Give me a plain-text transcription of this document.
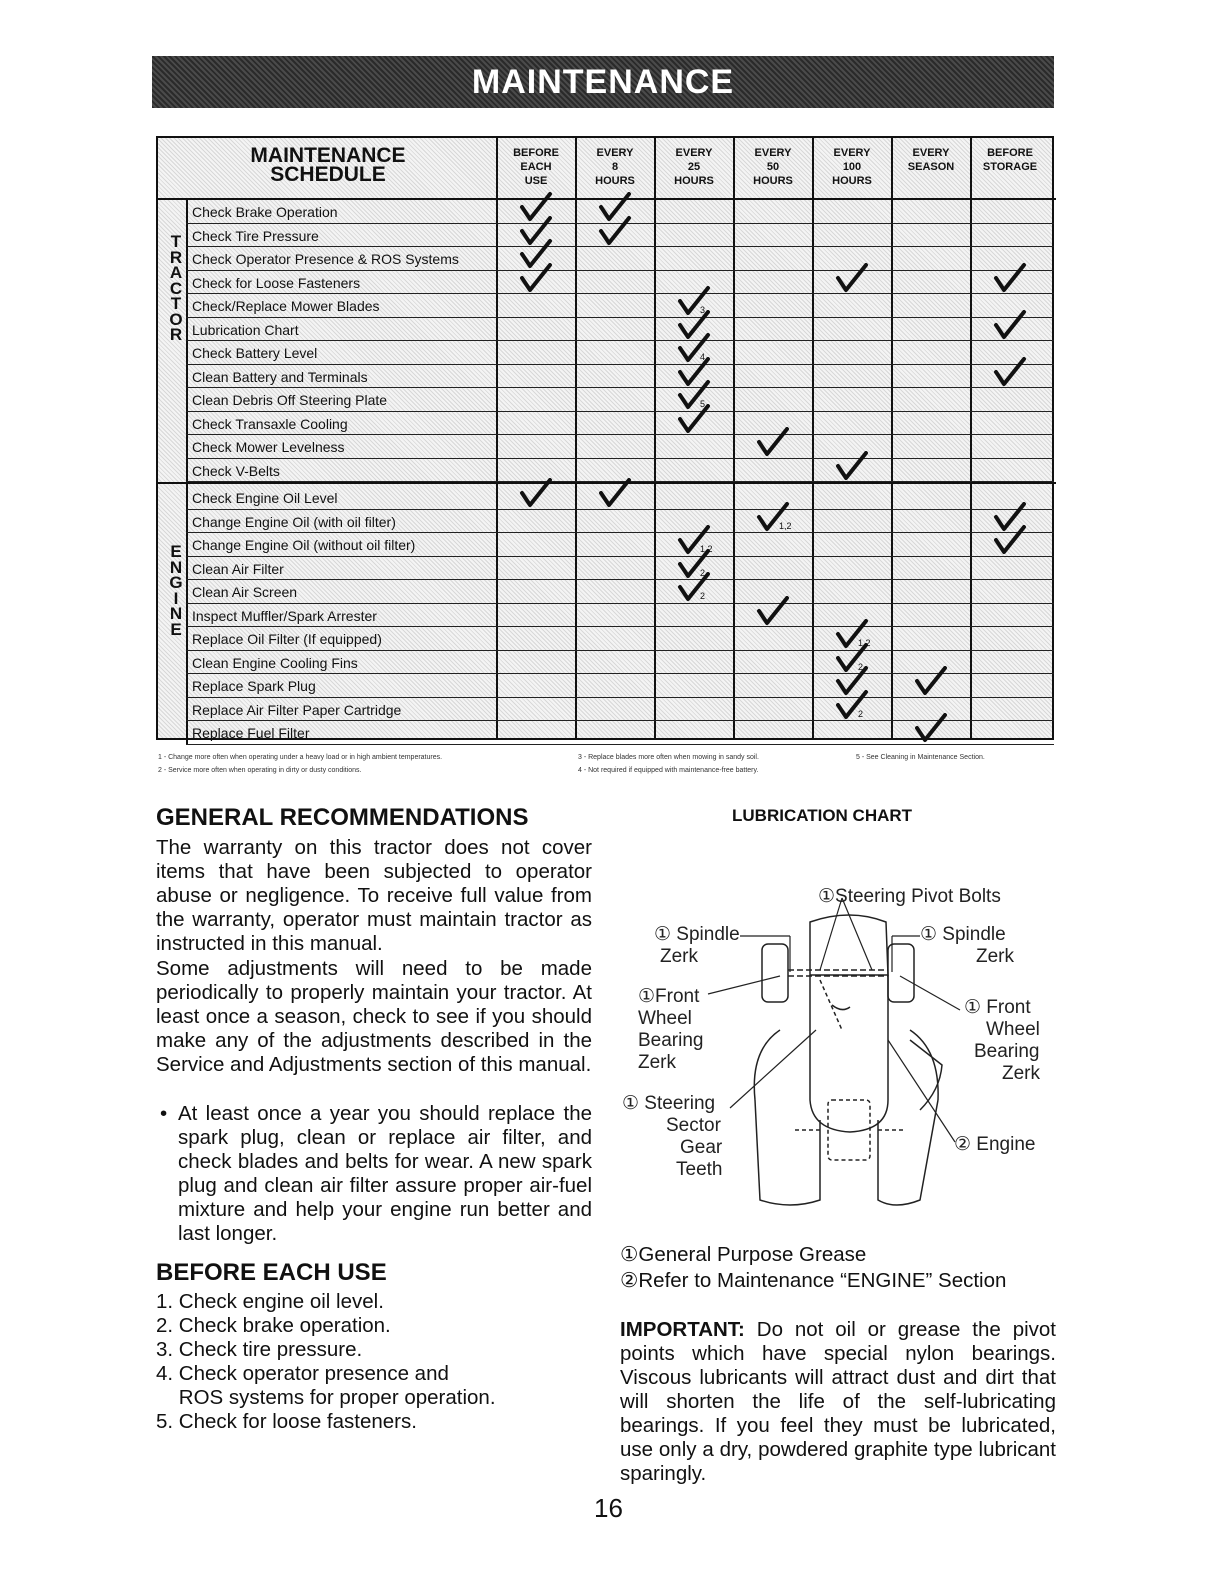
MAINTENANCE
MAINTENANCE
SCHEDULE
BEFORE
EACH
USE
EVERY
8
HOURS
EVERY
25
HOURS
EVERY
50
HOURS
EVERY
100
HOURS
EVERY
SEASON
BEFORE
STORAGE
Check Brake Operation
Check Tire Pressure
Check Operator Presence & ROS Systems
Check for Loose Fasteners
Check/Replace Mower Blades
Lubrication Chart
Check Battery Level
Clean Battery and Terminals
Clean Debris Off Steering Plate
Check Transaxle Cooling
Check Mower Levelness
Check V-Belts
Check Engine Oil Level
Change Engine Oil (with oil filter)
Change Engine Oil (without oil filter)
Clean Air Filter
Clean Air Screen
Inspect Muffler/Spark Arrester
Replace Oil Filter (If equipped)
Clean Engine Cooling Fins
Replace Spark Plug
Replace Air Filter Paper Cartridge
Replace Fuel Filter
T
R
A
C
T
O
R
E
N
G
I
N
E
3
4
5
1,2
1,2
2
2
1,2
2
2
1 - Change more often when operating under a heavy load or in high ambient temperatures.
2 - Service more often when operating in dirty or dusty conditions.
3 - Replace blades more often when mowing in sandy soil.
4 - Not required if equipped with maintenance-free battery.
5 - See Cleaning in Maintenance Section.
GENERAL RECOMMENDATIONS
The warranty on this tractor does not cover items that have been subjected to operator abuse or negligence. To receive full value from the warranty, operator must maintain tractor as instructed in this manual.
Some adjustments will need to be made periodically to properly maintain your tractor. At least once a season, check to see if you should make any of the adjustments described in the Service and Adjustments section of this manual.
• At least once a year you should replace the spark plug, clean or replace air filter, and check blades and belts for wear. A new spark plug and clean air filter assure proper air-fuel mixture and help your engine run better and last longer.
BEFORE EACH USE
1. Check engine oil level.
2. Check brake operation.
3. Check tire pressure.
4. Check operator presence and
ROS systems for proper operation.
5. Check for loose fasteners.
LUBRICATION CHART
①Steering Pivot Bolts
① Spindle
Zerk
① Spindle
Zerk
①Front
Wheel
Bearing
Zerk
① Front
Wheel
Bearing
Zerk
① Steering
Sector
Gear
Teeth
② Engine
①General Purpose Grease
②Refer to Maintenance “ENGINE” Section
IMPORTANT: Do not oil or grease the pivot points which have special nylon bearings. Viscous lubricants will attract dust and dirt that will shorten the life of the self-lubricating bearings. If you feel they must be lubricated, use only a dry, powdered graphite type lubricant sparingly.
16
